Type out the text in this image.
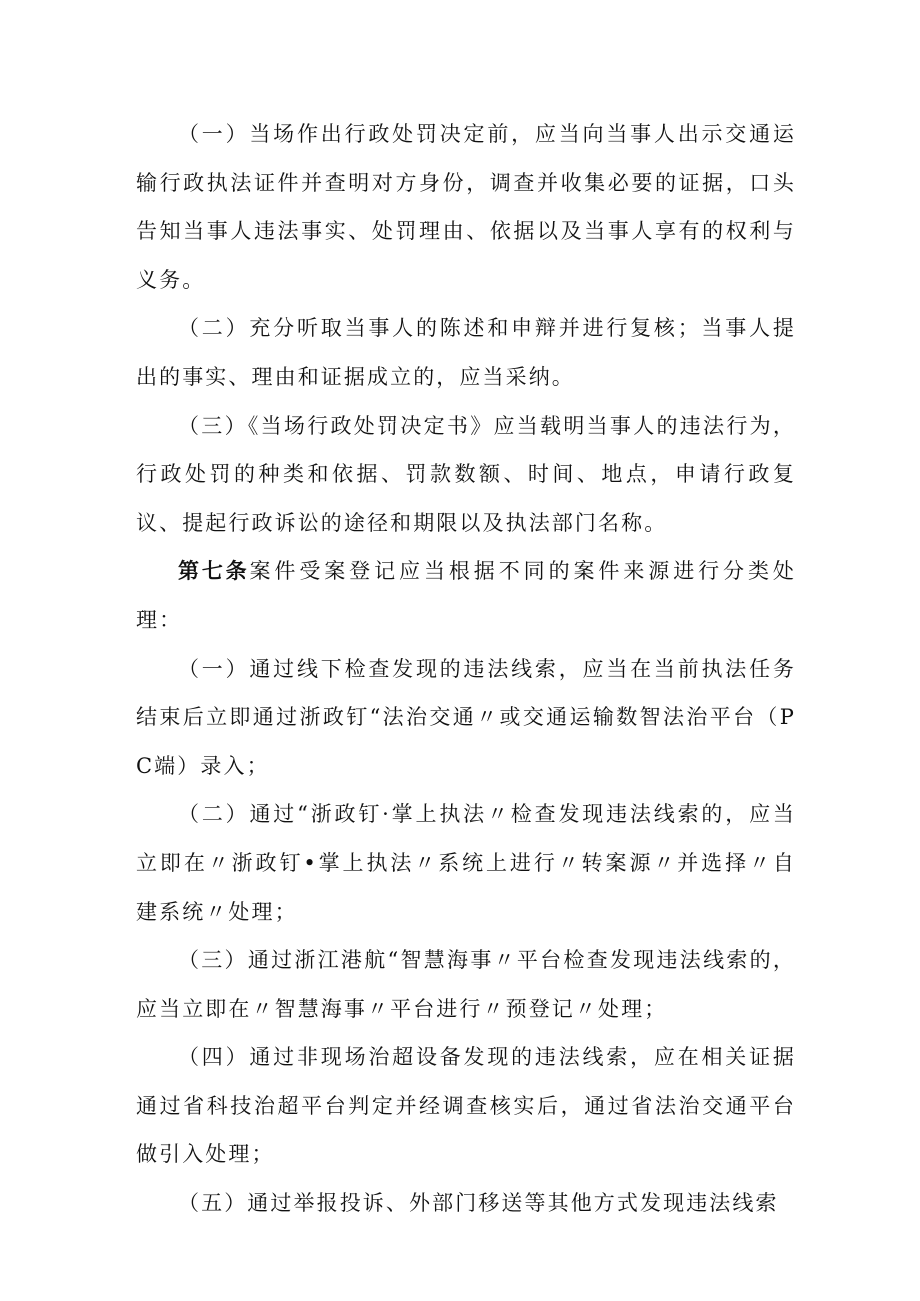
（一）当场作出行政处罚决定前，应当向当事人出示交通运输行政执法证件并查明对方身份，调查并收集必要的证据，口头告知当事人违法事实、处罚理由、依据以及当事人享有的权利与义务。

（二）充分听取当事人的陈述和申辩并进行复核；当事人提出的事实、理由和证据成立的，应当采纳。

（三）《当场行政处罚决定书》应当载明当事人的违法行为，行政处罚的种类和依据、罚款数额、时间、地点，申请行政复议、提起行政诉讼的途径和期限以及执法部门名称。

第七条案件受案登记应当根据不同的案件来源进行分类处理：

（一）通过线下检查发现的违法线索，应当在当前执法任务结束后立即通过浙政钉“法治交通〃或交通运输数智法治平台（PC端）录入；

（二）通过“浙政钉·掌上执法〃检查发现违法线索的，应当立即在〃浙政钉•掌上执法〃系统上进行〃转案源〃并选择〃自建系统〃处理；

（三）通过浙江港航“智慧海事〃平台检查发现违法线索的，应当立即在〃智慧海事〃平台进行〃预登记〃处理；

（四）通过非现场治超设备发现的违法线索，应在相关证据通过省科技治超平台判定并经调查核实后，通过省法治交通平台做引入处理；

（五）通过举报投诉、外部门移送等其他方式发现违法线索
